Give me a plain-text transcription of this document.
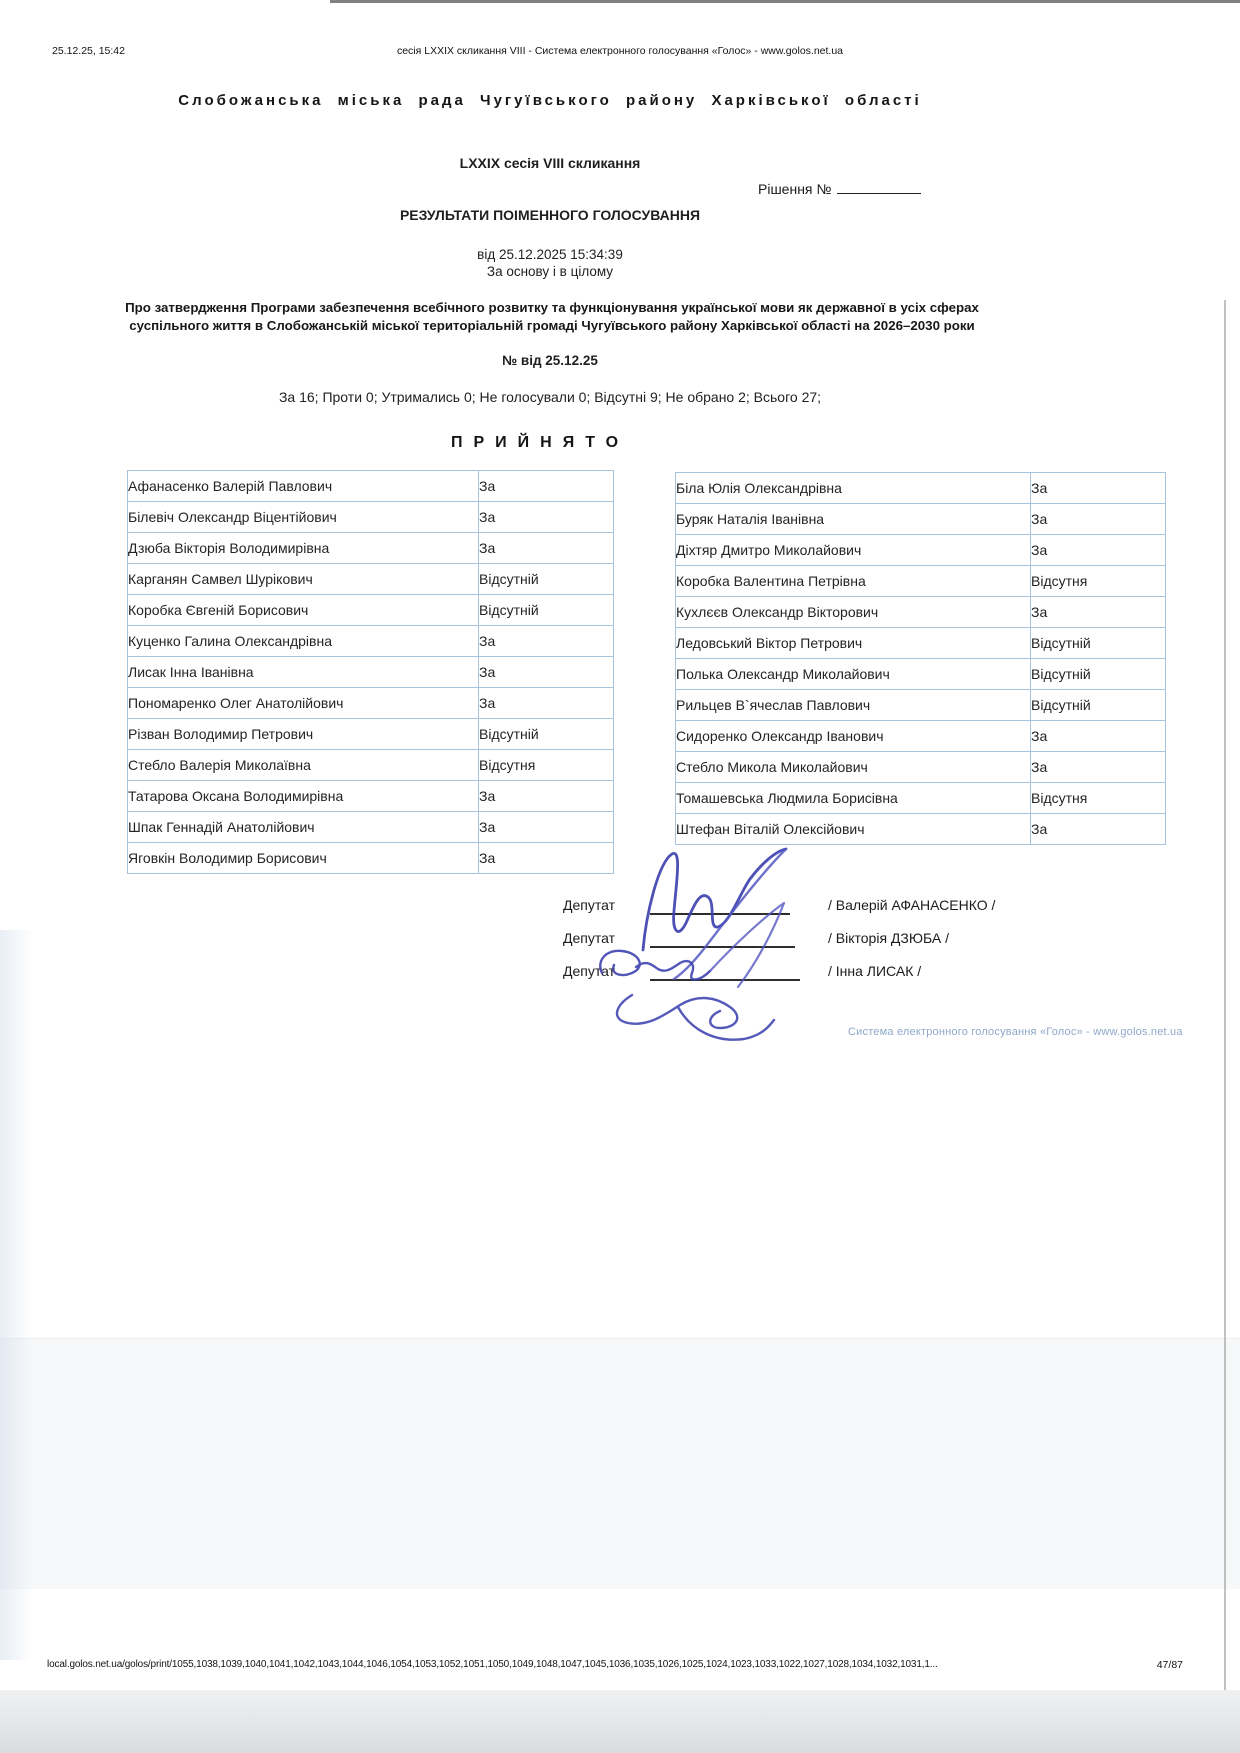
25.12.25, 15:42	сесія LXXIX скликання VIII - Система електронного голосування «Голос» - www.golos.net.ua
Слобожанська міська рада Чугуївського району Харківської області
LXXIX сесія VIII скликання
Рішення №
РЕЗУЛЬТАТИ ПОІМЕННОГО ГОЛОСУВАННЯ
від 25.12.2025 15:34:39
За основу і в цілому
Про затвердження Програми забезпечення всебічного розвитку та функціонування української мови як державної в усіх сферах суспільного життя в Слобожанській міської територіальній громаді Чугуївського району Харківської області на 2026–2030 роки
№ від 25.12.25
За 16; Проти 0; Утримались 0; Не голосували 0; Відсутні 9; Не обрано 2; Всього 27;
ПРИЙНЯТО
Афанасенко Валерій Павлович	За
Білевіч Олександр Віцентійович	За
Дзюба Вікторія Володимирівна	За
Карганян Самвел Шурікович	Відсутній
Коробка Євгеній Борисович	Відсутній
Куценко Галина Олександрівна	За
Лисак Інна Іванівна	За
Пономаренко Олег Анатолійович	За
Різван Володимир Петрович	Відсутній
Стебло Валерія Миколаївна	Відсутня
Татарова Оксана Володимирівна	За
Шпак Геннадій Анатолійович	За
Яговкін Володимир Борисович	За
Біла Юлія Олександрівна	За
Буряк Наталія Іванівна	За
Діхтяр Дмитро Миколайович	За
Коробка Валентина Петрівна	Відсутня
Кухлєєв Олександр Вікторович	За
Ледовський Віктор Петрович	Відсутній
Полька Олександр Миколайович	Відсутній
Рильцев В`ячеслав Павлович	Відсутній
Сидоренко Олександр Іванович	За
Стебло Микола Миколайович	За
Томашевська Людмила Борисівна	Відсутня
Штефан Віталій Олексійович	За
Депутат
Депутат
Депутат
/ Валерій АФАНАСЕНКО /
/ Вікторія ДЗЮБА /
/ Інна ЛИСАК /
Система електронного голосування «Голос» - www.golos.net.ua
local.golos.net.ua/golos/print/1055,1038,1039,1040,1041,1042,1043,1044,1046,1054,1053,1052,1051,1050,1049,1048,1047,1045,1036,1035,1026,1025,1024,1023,1033,1022,1027,1028,1034,1032,1031,1...	47/87
